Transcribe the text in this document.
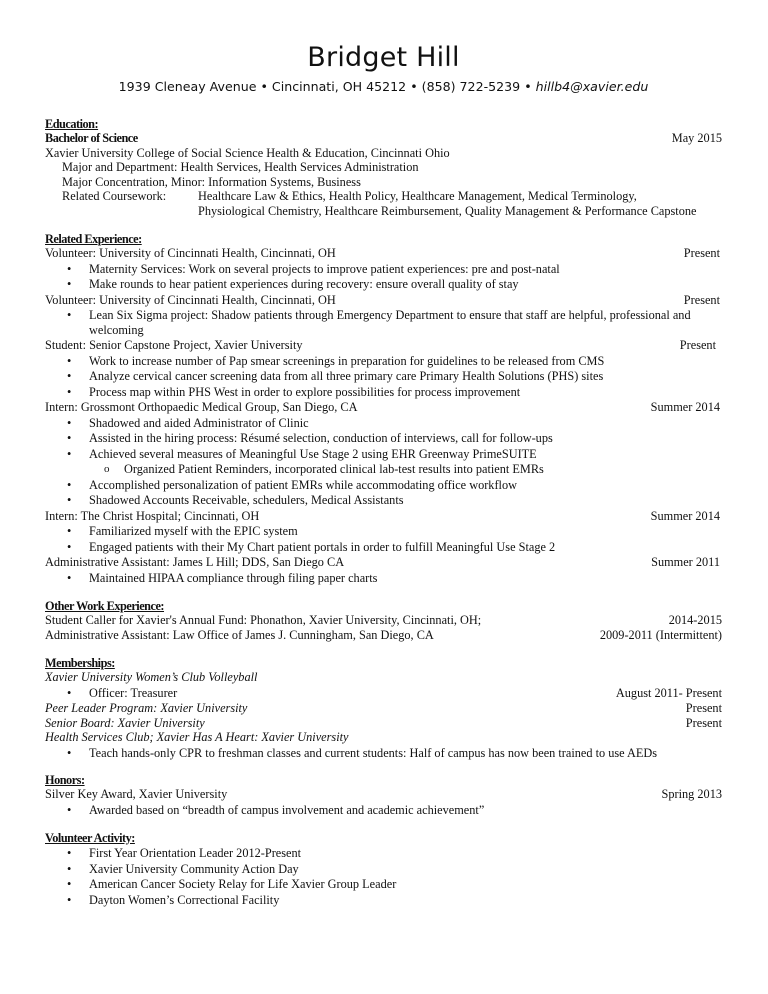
Bridget Hill
1939 Cleneay Avenue • Cincinnati, OH 45212 • (858) 722-5239 • hillb4@xavier.edu
Education:
Bachelor of Science	May 2015
Xavier University College of Social Science Health & Education, Cincinnati Ohio
Major and Department: Health Services, Health Services Administration
Major Concentration, Minor: Information Systems, Business
Related Coursework:	Healthcare Law & Ethics, Health Policy, Healthcare Management, Medical Terminology,
Physiological Chemistry, Healthcare Reimbursement, Quality Management & Performance Capstone
Related Experience:
Volunteer: University of Cincinnati Health, Cincinnati, OH	Present
• Maternity Services: Work on several projects to improve patient experiences: pre and post-natal
• Make rounds to hear patient experiences during recovery: ensure overall quality of stay
Volunteer: University of Cincinnati Health, Cincinnati, OH	Present
• Lean Six Sigma project: Shadow patients through Emergency Department to ensure that staff are helpful, professional and welcoming
Student: Senior Capstone Project, Xavier University	Present
• Work to increase number of Pap smear screenings in preparation for guidelines to be released from CMS
• Analyze cervical cancer screening data from all three primary care Primary Health Solutions (PHS) sites
• Process map within PHS West in order to explore possibilities for process improvement
Intern: Grossmont Orthopaedic Medical Group, San Diego, CA	Summer 2014
• Shadowed and aided Administrator of Clinic
• Assisted in the hiring process: Résumé selection, conduction of interviews, call for follow-ups
• Achieved several measures of Meaningful Use Stage 2 using EHR Greenway PrimeSUITE
o Organized Patient Reminders, incorporated clinical lab-test results into patient EMRs
• Accomplished personalization of patient EMRs while accommodating office workflow
• Shadowed Accounts Receivable, schedulers, Medical Assistants
Intern: The Christ Hospital; Cincinnati, OH	Summer 2014
• Familiarized myself with the EPIC system
• Engaged patients with their My Chart patient portals in order to fulfill Meaningful Use Stage 2
Administrative Assistant: James L Hill; DDS, San Diego CA	Summer 2011
• Maintained HIPAA compliance through filing paper charts
Other Work Experience:
Student Caller for Xavier's Annual Fund: Phonathon, Xavier University, Cincinnati, OH;	2014-2015
Administrative Assistant: Law Office of James J. Cunningham, San Diego, CA	2009-2011 (Intermittent)
Memberships:
Xavier University Women’s Club Volleyball
• Officer: Treasurer	August 2011- Present
Peer Leader Program: Xavier University	Present
Senior Board: Xavier University	Present
Health Services Club; Xavier Has A Heart: Xavier University
• Teach hands-only CPR to freshman classes and current students: Half of campus has now been trained to use AEDs
Honors:
Silver Key Award, Xavier University	Spring 2013
• Awarded based on “breadth of campus involvement and academic achievement”
Volunteer Activity:
• First Year Orientation Leader 2012-Present
• Xavier University Community Action Day
• American Cancer Society Relay for Life Xavier Group Leader
• Dayton Women’s Correctional Facility
